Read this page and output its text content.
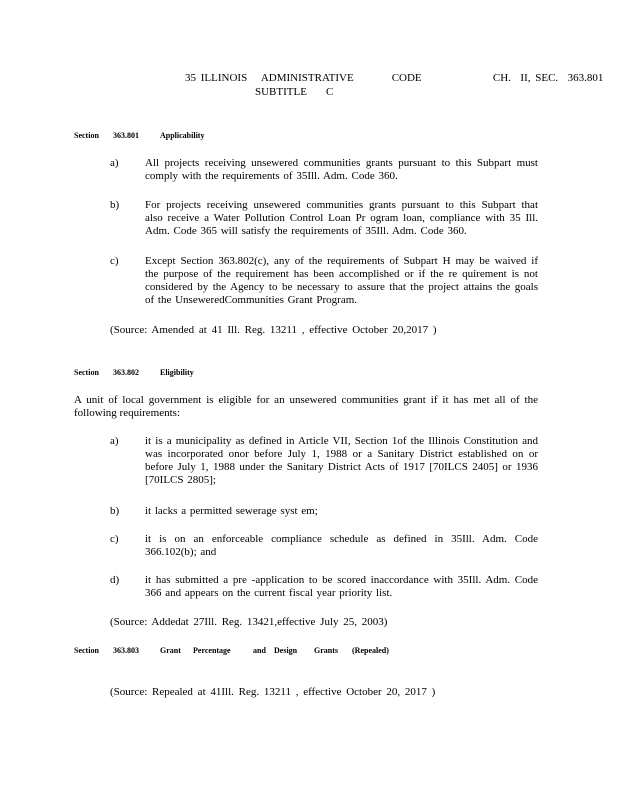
35 ILLINOIS   ADMINISTRATIVE        CODE               CH.  II, SEC.  363.801
SUBTITLE    C
Section 363.801	Applicability
a) All projects receiving unsewered communities grants pursuant to this Subpart must comply with the requirements of 35Ill. Adm. Code 360.
b) For projects receiving unsewered communities grants pursuant to this Subpart that also receive a Water Pollution Control Loan Pr ogram loan, compliance with 35 Ill. Adm. Code 365 will satisfy the requirements of 35Ill. Adm. Code 360.
c) Except Section 363.802(c), any of the requirements of Subpart H may be waived if the purpose of the requirement has been accomplished or if the re quirement is not considered by the Agency to be necessary to assure that the project attains the goals of the UnseweredCommunities Grant Program.
(Source: Amended at 41 Ill. Reg. 13211 , effective October 20,2017 )
Section 363.802	Eligibility
A unit of local government is eligible for an unsewered communities grant if it has met all of the following requirements:
a) it is a municipality as defined in Article VII, Section 1of the Illinois Constitution and was incorporated onor before July 1, 1988 or a Sanitary District established on or before July 1, 1988 under the Sanitary District Acts of 1917 [70ILCS 2405] or 1936 [70ILCS 2805];
b) it lacks a permitted sewerage syst em;
c) it is on an enforceable compliance schedule as defined in 35Ill. Adm. Code 366.102(b); and
d) it has submitted a pre -application to be scored inaccordance with 35Ill. Adm. Code 366 and appears on the current fiscal year priority list.
(Source: Addedat 27Ill. Reg. 13421,effective July 25, 2003)
Section 363.803	Grant Percentage	and Design Grants (Repealed)
(Source: Repealed at 41Ill. Reg. 13211 , effective October 20, 2017 )
